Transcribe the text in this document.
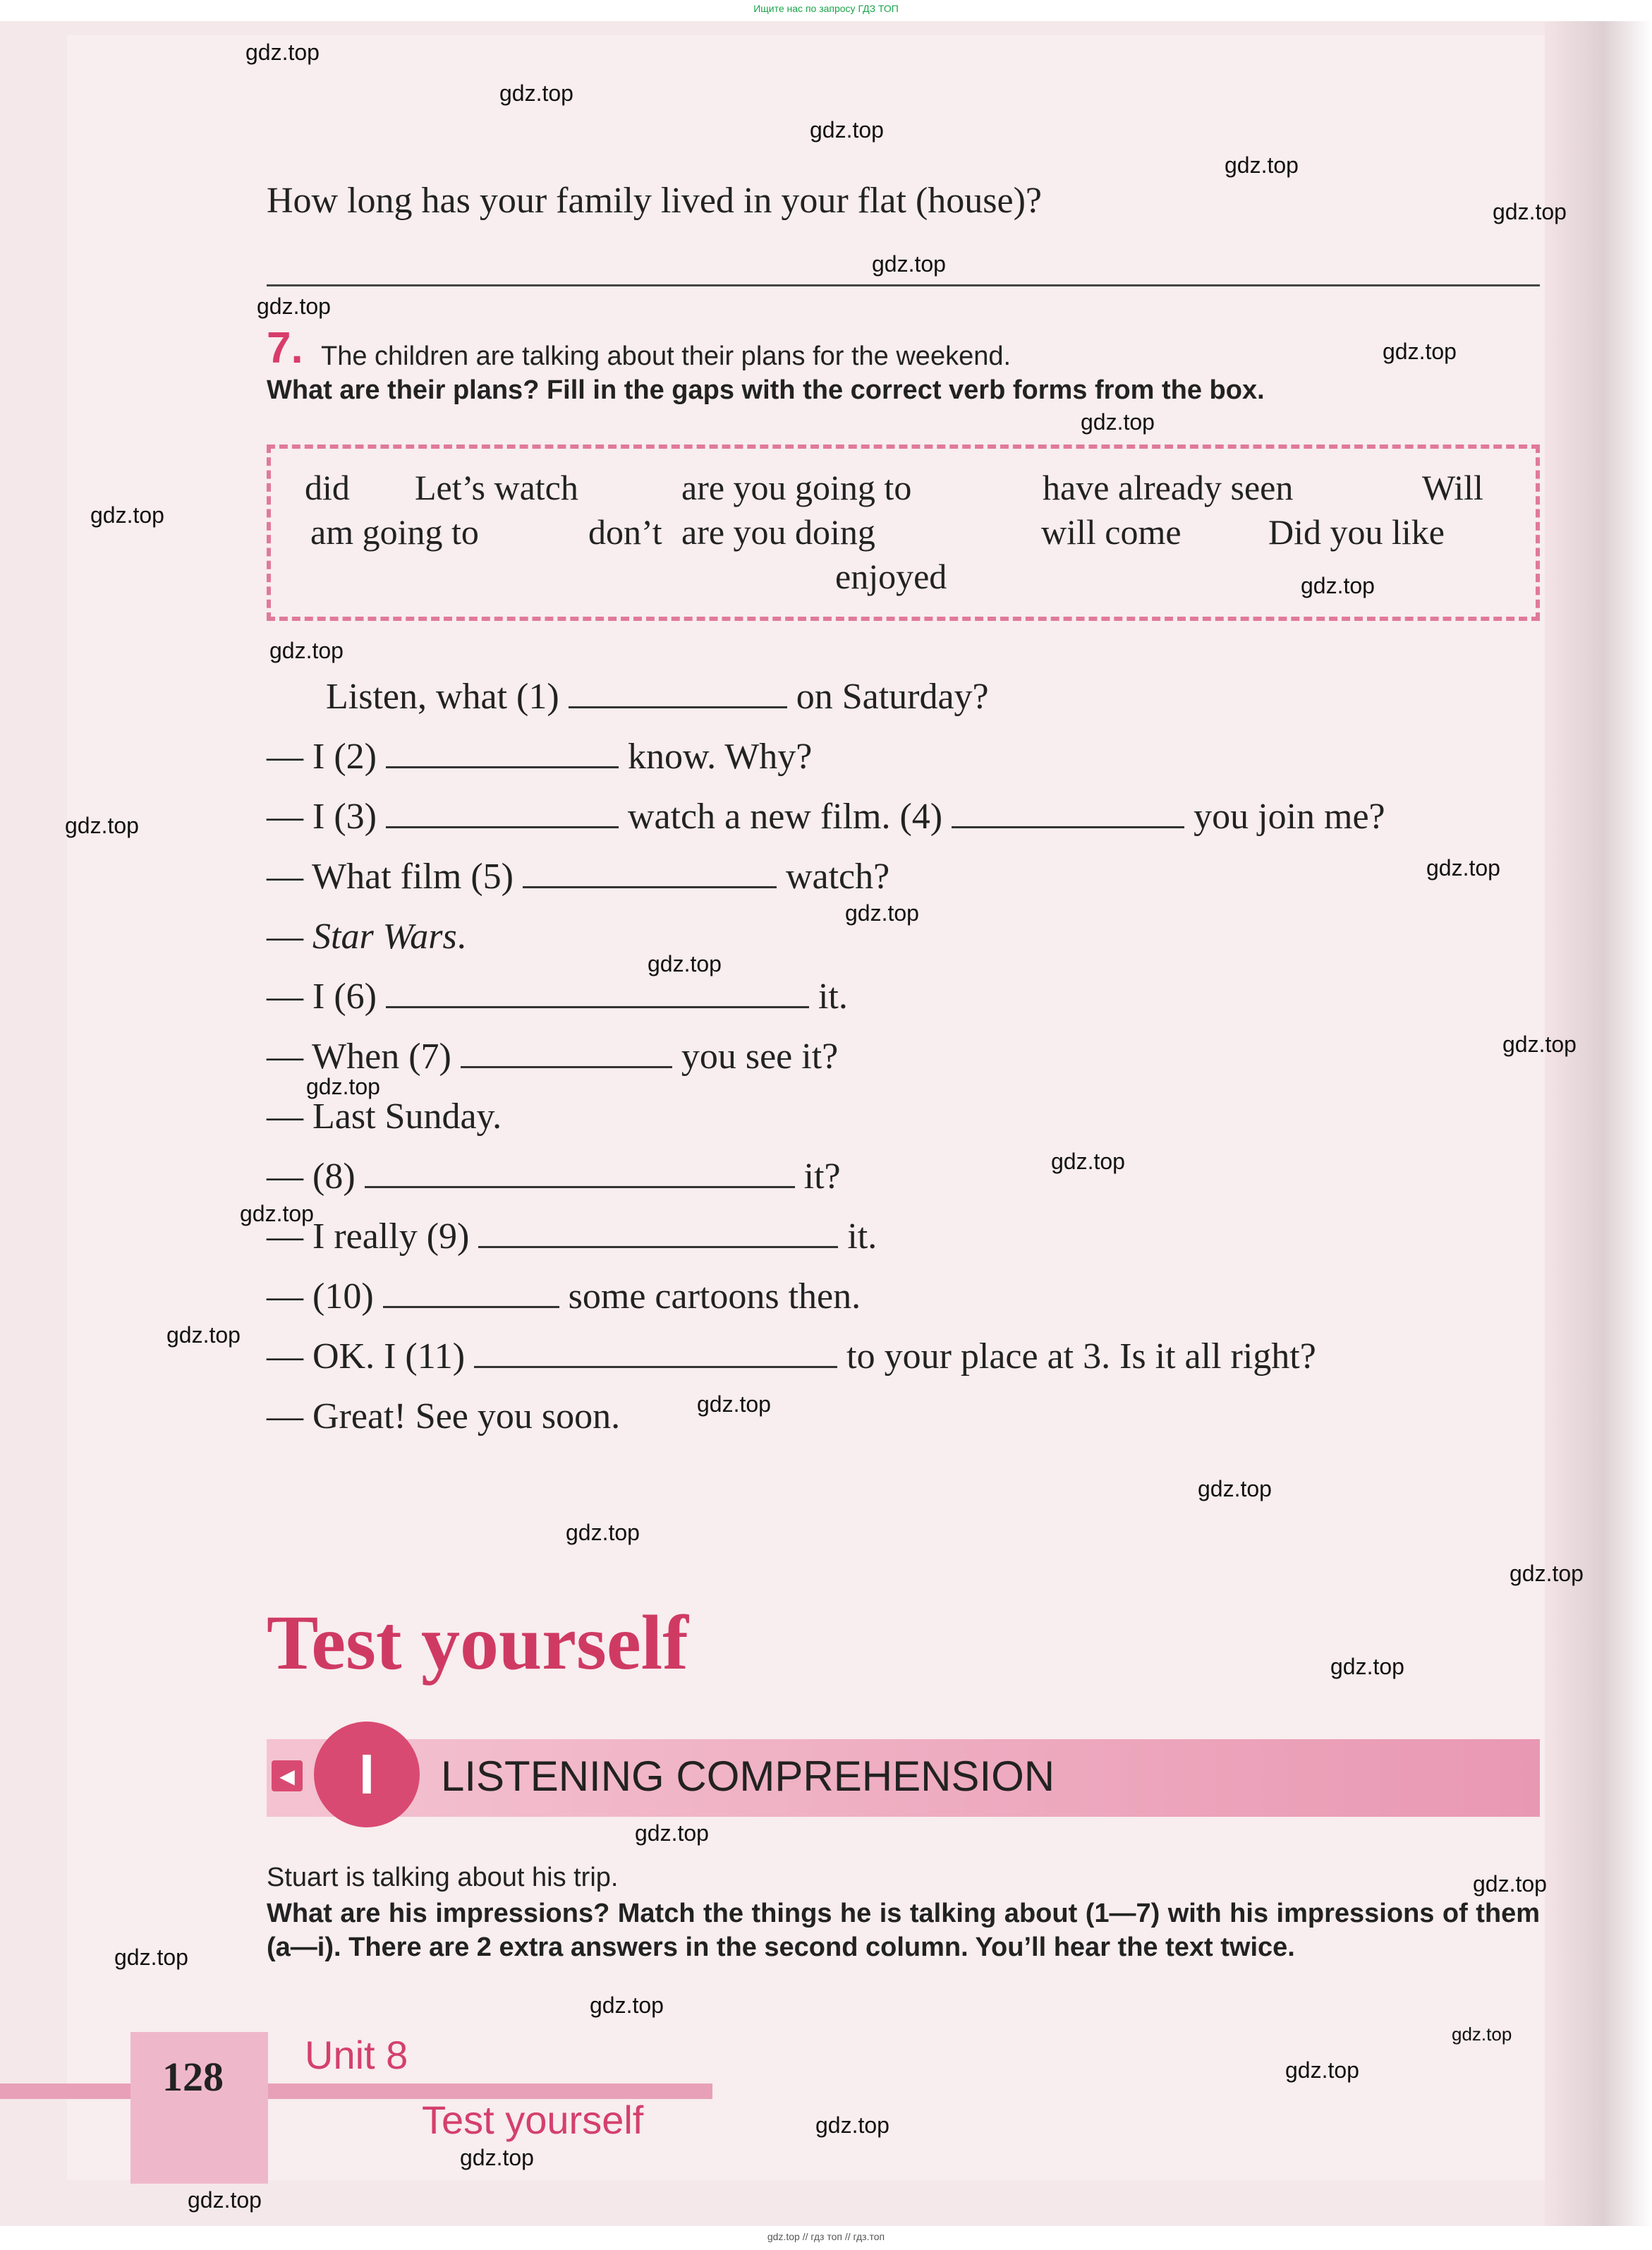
Ищите нас по запросу ГДЗ ТОП
gdz.top
gdz.top
gdz.top
gdz.top
gdz.top
gdz.top
gdz.top
gdz.top
gdz.top
gdz.top
gdz.top
gdz.top
gdz.top
gdz.top
gdz.top
gdz.top
gdz.top
gdz.top
gdz.top
gdz.top
gdz.top
gdz.top
gdz.top
gdz.top
gdz.top
gdz.top
gdz.top
gdz.top
gdz.top
gdz.top
gdz.top
gdz.top
gdz.top
gdz.top
gdz.top
How long has your family lived in your flat (house)?
7. The children are talking about their plans for the weekend.
What are their plans? Fill in the gaps with the correct verb forms from the box.
did Let’s watch	are you going to	have already seen	Will
am going to	don’t are you doing	will come Did you like
enjoyed
Listen, what (1)	on Saturday?
— I (2)	know. Why?
— I (3)	watch a new film. (4)	you join me?
— What film (5)	watch?
— Star Wars.
— I (6)	it.
— When (7)	you see it?
— Last Sunday.
— (8)	it?
— I really (9)	it.
— (10)	some cartoons then.
— OK. I (11)	to your place at 3. Is it all right?
— Great! See you soon.
Test yourself
◀ I LISTENING COMPREHENSION
Stuart is talking about his trip.
What are his impressions? Match the things he is talking about (1—7) with his impressions of them (a—i). There are 2 extra answers in the second column. You’ll hear the text twice.
128 Unit 8
Test yourself
gdz.top // гдз топ // гдз.топ
